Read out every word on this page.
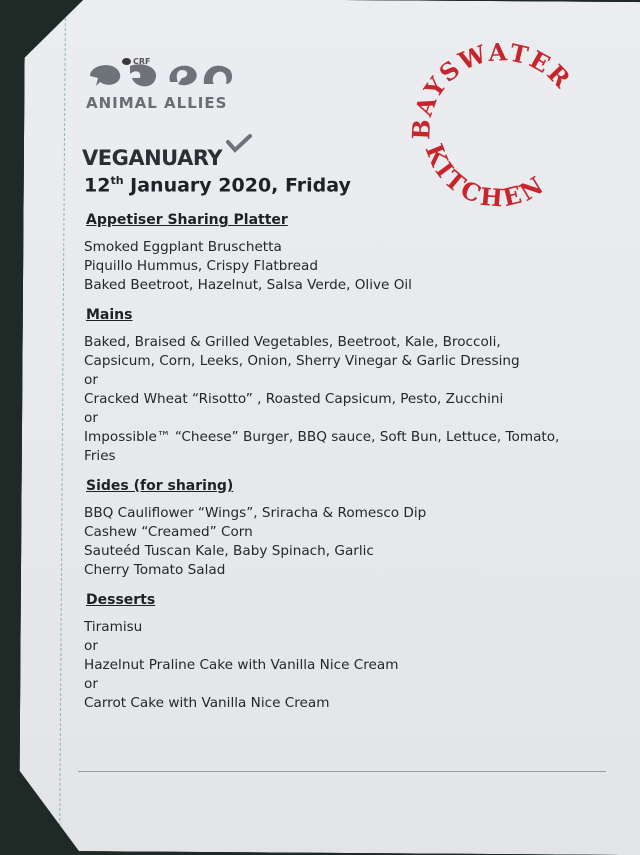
ANIMAL ALLIES
CRF
VEGANUARY
12th January 2020, Friday
BAYSWATER
KITCHEN
Appetiser Sharing Platter

Smoked Eggplant Bruschetta

Piquillo Hummus, Crispy Flatbread

Baked Beetroot, Hazelnut, Salsa Verde, Olive Oil

Mains

Baked, Braised & Grilled Vegetables, Beetroot, Kale, Broccoli,

Capsicum, Corn, Leeks, Onion, Sherry Vinegar & Garlic Dressing

or

Cracked Wheat “Risotto” , Roasted Capsicum, Pesto, Zucchini

or

Impossible™ “Cheese” Burger, BBQ sauce, Soft Bun, Lettuce, Tomato,

Fries

Sides (for sharing)

BBQ Cauliflower “Wings”, Sriracha & Romesco Dip

Cashew “Creamed” Corn

Sauteéd Tuscan Kale, Baby Spinach, Garlic

Cherry Tomato Salad

Desserts

Tiramisu

or

Hazelnut Praline Cake with Vanilla Nice Cream

or

Carrot Cake with Vanilla Nice Cream
